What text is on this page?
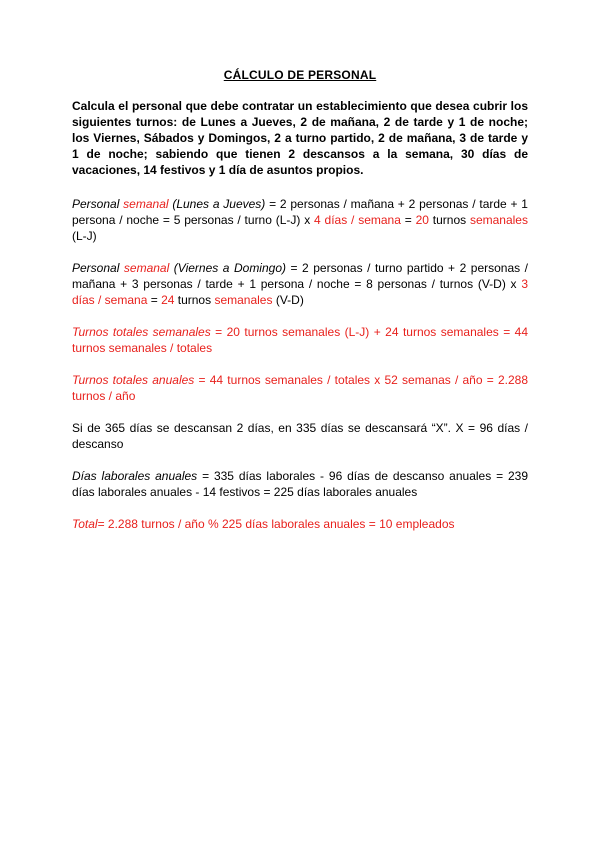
CÁLCULO DE PERSONAL

Calcula el personal que debe contratar un establecimiento que desea cubrir los siguientes turnos: de Lunes a Jueves, 2 de mañana, 2 de tarde y 1 de noche; los Viernes, Sábados y Domingos, 2 a turno partido, 2 de mañana, 3 de tarde y 1 de noche; sabiendo que tienen 2 descansos a la semana, 30 días de vacaciones, 14 festivos y 1 día de asuntos propios.

Personal semanal (Lunes a Jueves) = 2 personas / mañana + 2 personas / tarde + 1 persona / noche = 5 personas / turno (L-J) x 4 días / semana = 20 turnos semanales (L-J)

Personal semanal (Viernes a Domingo) = 2 personas / turno partido + 2 personas / mañana + 3 personas / tarde + 1 persona / noche = 8 personas / turnos (V-D) x 3 días / semana = 24 turnos semanales (V-D)

Turnos totales semanales = 20 turnos semanales (L-J) + 24 turnos semanales = 44 turnos semanales / totales

Turnos totales anuales = 44 turnos semanales / totales x 52 semanas / año = 2.288 turnos / año

Si de 365 días se descansan 2 días, en 335 días se descansará “X”. X = 96 días / descanso

Días laborales anuales = 335 días laborales - 96 días de descanso anuales = 239 días laborales anuales - 14 festivos = 225 días laborales anuales

Total= 2.288 turnos / año % 225 días laborales anuales = 10 empleados
